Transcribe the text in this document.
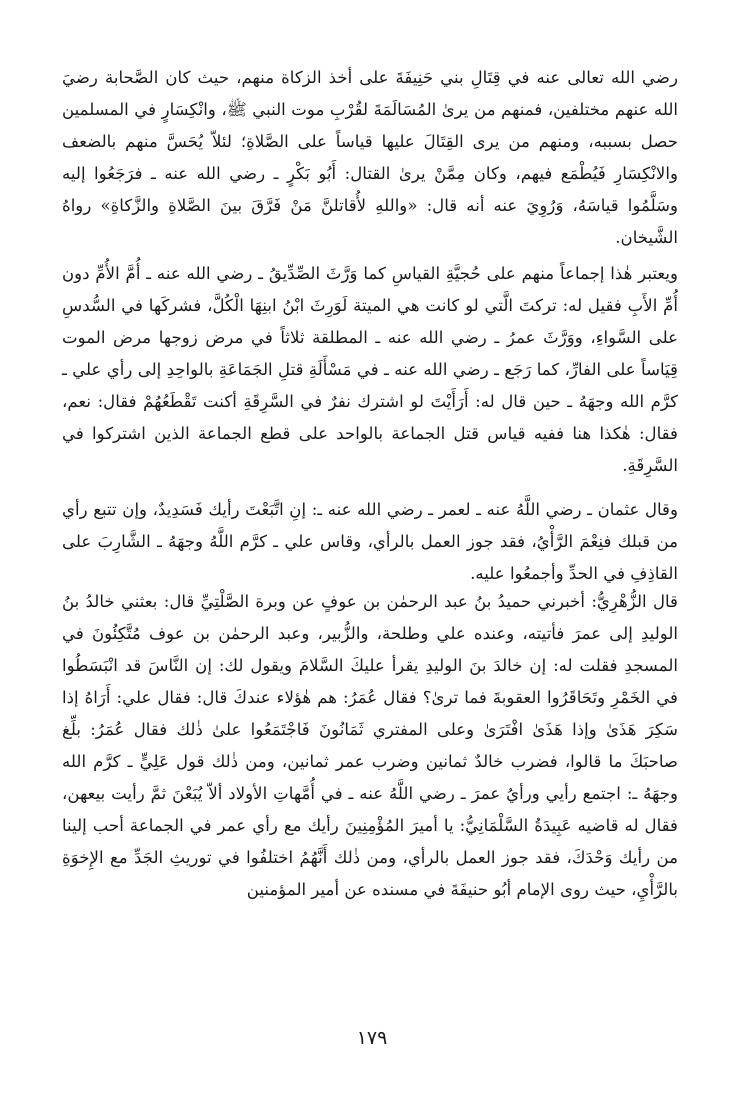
رضي الله تعالى عنه في قِتَالِ بني حَنِيفَةَ على أخذ الزكاة منهم، حيث كان الصَّحابة رضيَ الله عنهم مختلفين، فمنهم من يرىٰ المُسَالَمَةَ لقُرْبِ موت النبي ﷺ، وانْكِسَارٍ في المسلمين حصل بسببه، ومنهم من يرى القِتَالَ عليها قياساً على الصَّلاةِ؛ لئلاّ يُحَسَّ منهم بالضعف والانْكِسَارِ فَيُطْمَع فيهم، وكان مِمَّنْ يرىٰ القتال: أَبُو بَكْرٍ ـ رضي الله عنه ـ فرَجَعُوا إليه وسَلَّمُوا قياسَهُ، وَرُوِيَ عنه أنه قال: «واللهِ لأُقاتلنَّ مَنْ فَرَّقَ بينَ الصَّلاةِ والزَّكاةِ» رواهُ الشَّيخان.

ويعتبر هٰذا إجماعاً منهم على حُجيَّةِ القياسِ كما وَرَّثَ الصِّدِّيقُ ـ رضي الله عنه ـ أُمَّ الأُمِّ دون أُمِّ الأَبِ فقيل له: تركتَ الَّتي لو كانت هي الميتة لَوَرِثَ ابْنُ ابنِهَا الْكُلَّ، فشركَها في السُّدسِ على السَّواءِ، ووَرَّثَ عمرُ ـ رضي الله عنه ـ المطلقة ثلاثاً في مرض زوجها مرض الموت قِيَاساً على الفارِّ، كما رَجَع ـ رضي الله عنه ـ في مَسْأَلَةِ قتلِ الجَمَاعَةِ بالواحِدِ إلى رأي علي ـ كرَّم الله وجهَهُ ـ حين قال له: أَرَأَيْتَ لو اشترك نفرٌ في السَّرِقَةِ أكنت تَقْطَعُهُمْ فقال: نعم، فقال: هٰكذا هنا ففيه قياس قتل الجماعة بالواحد على قطع الجماعة الذين اشتركوا في السَّرِقَةِ.

وقال عثمان ـ رضي اللَّهُ عنه ـ لعمر ـ رضي الله عنه ـ: إنِ اتَّبَعْتَ رأيك فَسَدِيدٌ، وإن تتبع رأي من قبلك فنِعْمَ الرَّأْيُ، فقد جوز العمل بالرأي، وقاس علي ـ كرَّم اللَّهُ وجهَهُ ـ الشَّارِبَ على القاذِفِ في الحدِّ وأجمعُوا عليه.

قال الزُّهْرِيُّ: أخبرني حميدُ بنُ عبد الرحمٰن بن عوفٍ عن وبرة الصَّلْتِيِّ قال: بعثني خالدُ بنُ الوليدِ إلى عمرَ فأتيته، وعنده علي وطلحة، والزُّبير، وعبد الرحمٰن بن عوف مُتَّكِئُونَ في المسجدِ فقلت له: إن خالدَ بنَ الوليدِ يقرأ عليكَ السَّلامَ ويقول لك: إن النَّاسَ قد انْبَسَطُوا في الخَمْرِ وتَحَاقَرُوا العقوبةَ فما ترىٰ؟ فقال عُمَرُ: هم هٰؤلاء عندكَ قال: فقال علي: أَرَاهُ إذا سَكِرَ هَذَىٰ وإذا هَذَىٰ افْتَرَىٰ وعلى المفتري ثَمَانُونَ فَاجْتَمَعُوا علىٰ ذٰلك فقال عُمَرُ: بلِّغ صاحبَكَ ما قالوا، فضرب خالدٌ ثمانين وضرب عمر ثمانين، ومن ذٰلك قول عَلِيٍّ ـ كرَّم الله وجهَهُ ـ: اجتمع رأيي ورأيُ عمرَ ـ رضي اللَّهُ عنه ـ في أُمَّهاتِ الأولاد ألاّ يُبَعْنَ ثمَّ رأيت بيعهن، فقال له قاضيه عَبِيدَةُ السَّلْمَانِيُّ: يا أميرَ المُؤْمِنِينَ رأيك مع رأي عمر في الجماعة أحب إلينا من رأيك وَحْدَكَ، فقد جوز العمل بالرأي، ومن ذٰلك أَنَّهُمُ اختلفُوا في توريثِ الجَدِّ مع الإِخوَةِ بالرَّأْيِ، حيث روى الإمام أبُو حنيفَةَ في مسنده عن أمير المؤمنين

١٧٩
